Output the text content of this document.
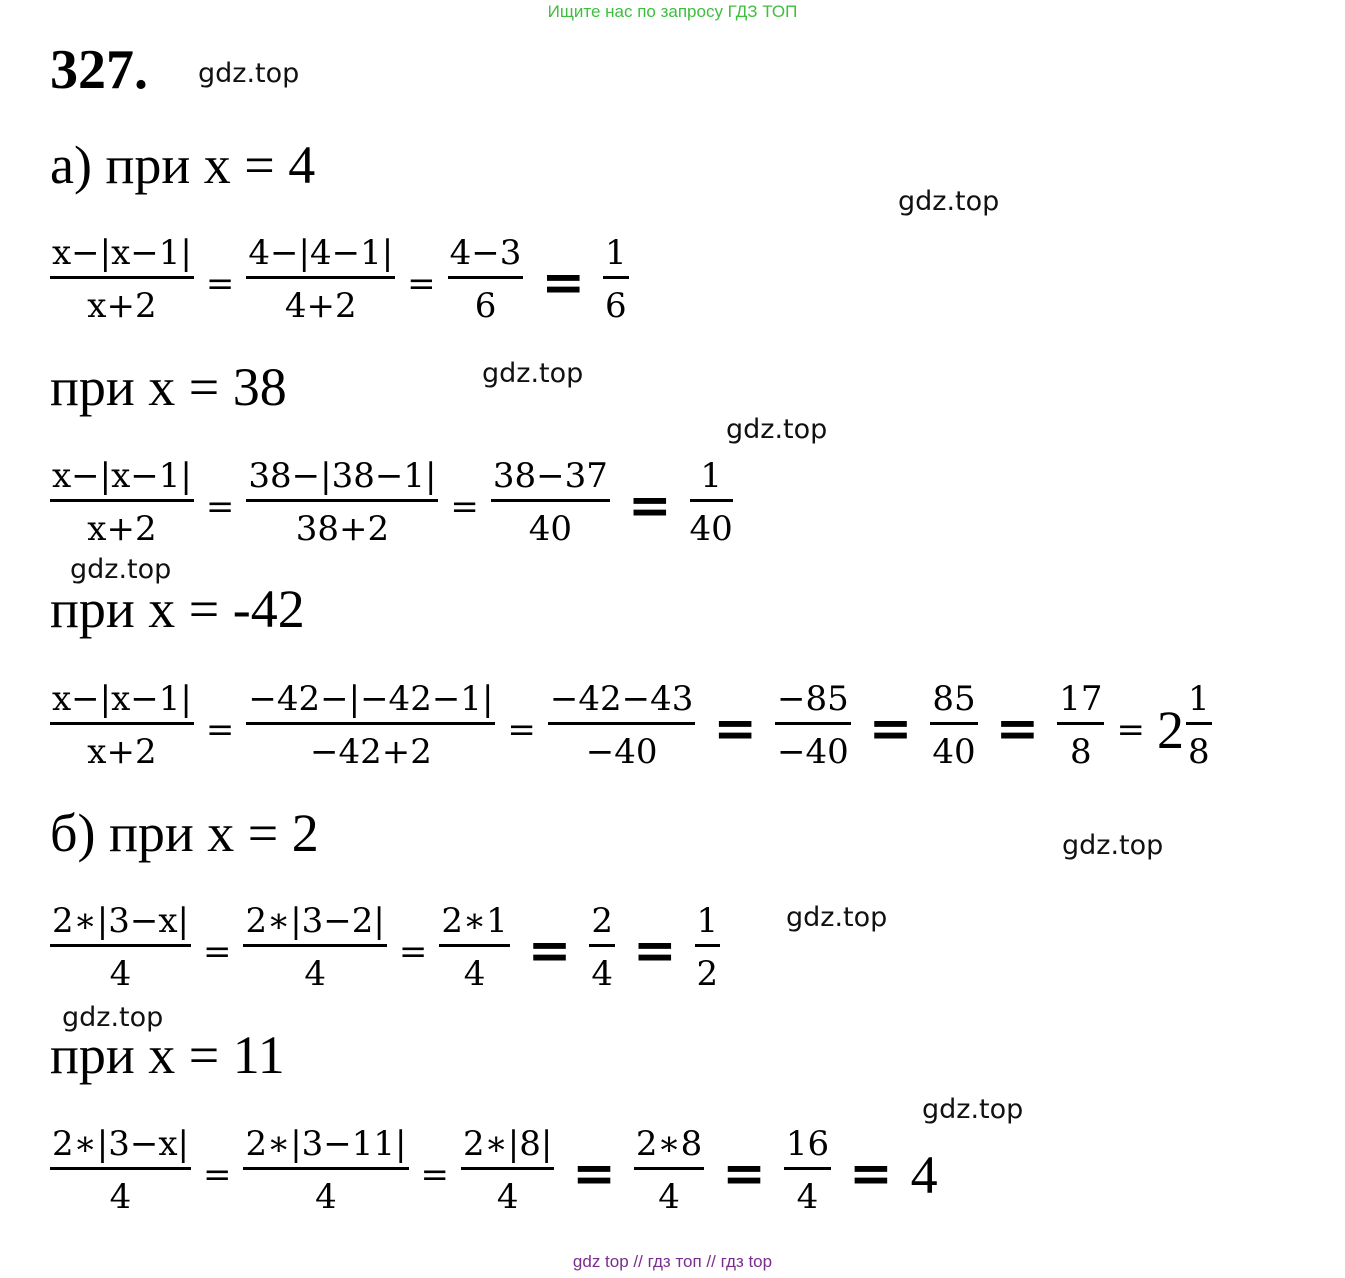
Ищите нас по запросу ГДЗ ТОП
327. gdz.top
gdz.top
gdz.top
gdz.top
gdz.top
gdz.top
gdz.top
gdz.top
gdz.top
а) при x = 4
$\frac{x-|x-1|}{x+2} = \frac{4-|4-1|}{4+2} = \frac{4-3}{6} = \frac{1}{6}$
при x = 38
$\frac{x-|x-1|}{x+2} = \frac{38-|38-1|}{38+2} = \frac{38-37}{40} = \frac{1}{40}$
при x = -42
$\frac{x-|x-1|}{x+2} = \frac{-42-|-42-1|}{-42+2} = \frac{-42-43}{-40} = \frac{-85}{-40} = \frac{85}{40} = \frac{17}{8} = 2 \frac{1}{8}$
б) при x = 2
$\frac{2∗|3-x|}{4} = \frac{2∗|3-2|}{4} = \frac{2∗1}{4} = \frac{2}{4} = \frac{1}{2}$
при x = 11
$\frac{2∗|3-x|}{4} = \frac{2∗|3-11|}{4} = \frac{2∗|8|}{4} = \frac{2∗8}{4} = \frac{16}{4} = 4$
gdz top // гдз топ // гдз top
